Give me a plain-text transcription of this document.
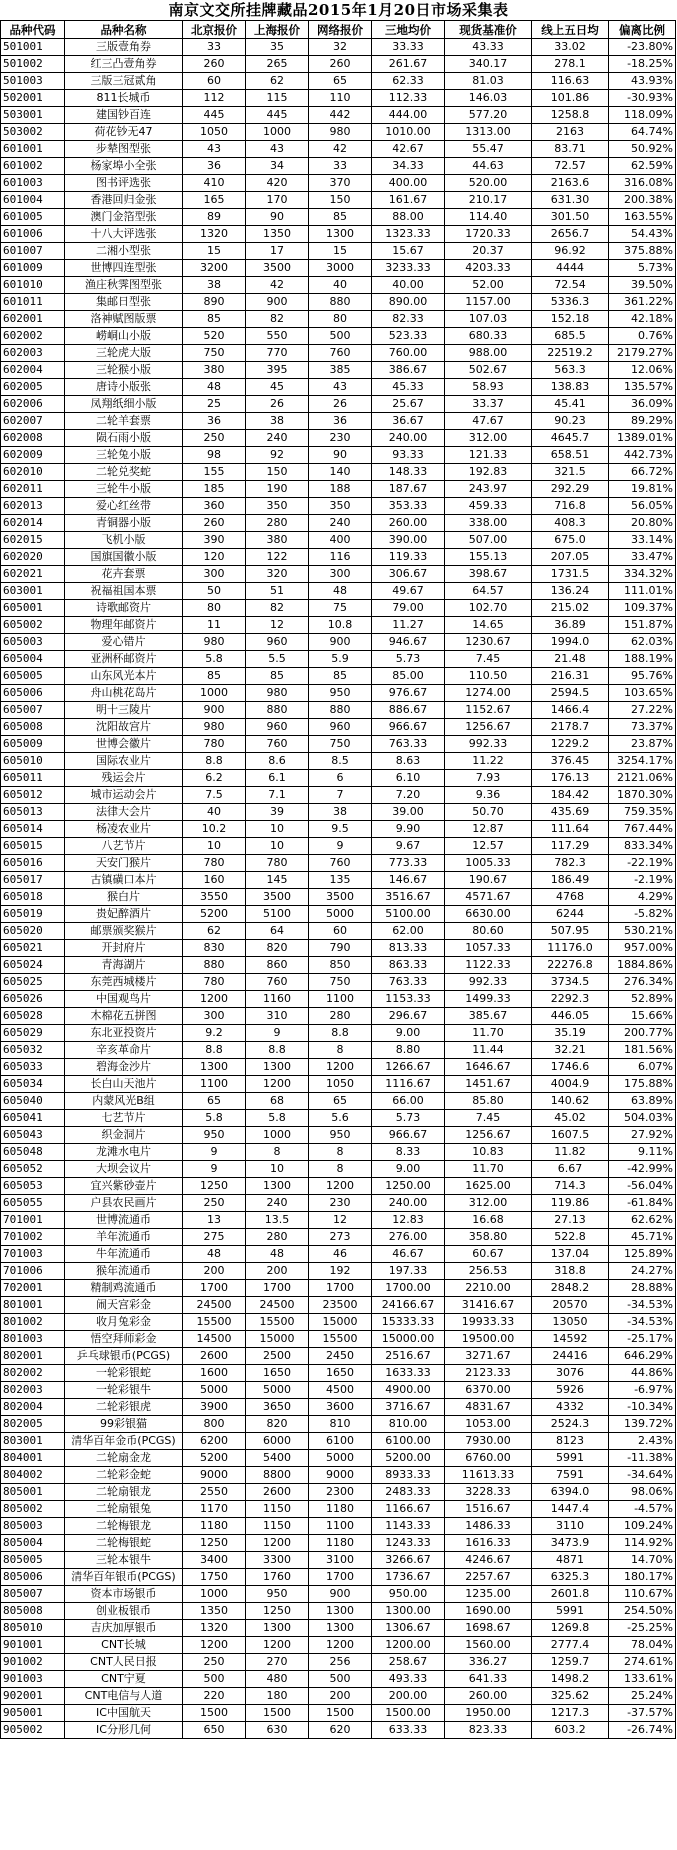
南京文交所挂牌藏品2015年1月20日市场采集表
品种代码	品种名称	北京报价	上海报价	网络报价	三地均价	现货基准价	线上五日均	偏离比例
501001	三版壹角券	33	35	32	33.33	43.33	33.02	-23.80%
501002	红三凸壹角券	260	265	260	261.67	340.17	278.1	-18.25%
501003	三版三冠贰角	60	62	65	62.33	81.03	116.63	43.93%
502001	811长城币	112	115	110	112.33	146.03	101.86	-30.93%
503001	建国钞百连	445	445	442	444.00	577.20	1258.8	118.09%
503002	荷花钞无47	1050	1000	980	1010.00	1313.00	2163	64.74%
601001	步辇图型张	43	43	42	42.67	55.47	83.71	50.92%
601002	杨家埠小全张	36	34	33	34.33	44.63	72.57	62.59%
601003	图书评选张	410	420	370	400.00	520.00	2163.6	316.08%
601004	香港回归金张	165	170	150	161.67	210.17	631.30	200.38%
601005	澳门金箔型张	89	90	85	88.00	114.40	301.50	163.55%
601006	十八大评选张	1320	1350	1300	1323.33	1720.33	2656.7	54.43%
601007	二湘小型张	15	17	15	15.67	20.37	96.92	375.88%
601009	世博四连型张	3200	3500	3000	3233.33	4203.33	4444	5.73%
601010	渔庄秋霁图型张	38	42	40	40.00	52.00	72.54	39.50%
601011	集邮日型张	890	900	880	890.00	1157.00	5336.3	361.22%
602001	洛神赋图版票	85	82	80	82.33	107.03	152.18	42.18%
602002	崂峒山小版	520	550	500	523.33	680.33	685.5	0.76%
602003	三轮虎大版	750	770	760	760.00	988.00	22519.2	2179.27%
602004	三轮猴小版	380	395	385	386.67	502.67	563.3	12.06%
602005	唐诗小版张	48	45	43	45.33	58.93	138.83	135.57%
602006	凤翔纸细小版	25	26	26	25.67	33.37	45.41	36.09%
602007	二轮羊套票	36	38	36	36.67	47.67	90.23	89.29%
602008	陨石雨小版	250	240	230	240.00	312.00	4645.7	1389.01%
602009	三轮兔小版	98	92	90	93.33	121.33	658.51	442.73%
602010	二轮兑奖蛇	155	150	140	148.33	192.83	321.5	66.72%
602011	三轮牛小版	185	190	188	187.67	243.97	292.29	19.81%
602013	爱心红丝带	360	350	350	353.33	459.33	716.8	56.05%
602014	青铜器小版	260	280	240	260.00	338.00	408.3	20.80%
602015	飞机小版	390	380	400	390.00	507.00	675.0	33.14%
602020	国旗国徽小版	120	122	116	119.33	155.13	207.05	33.47%
602021	花卉套票	300	320	300	306.67	398.67	1731.5	334.32%
603001	祝福祖国本票	50	51	48	49.67	64.57	136.24	111.01%
605001	诗歌邮资片	80	82	75	79.00	102.70	215.02	109.37%
605002	物理年邮资片	11	12	10.8	11.27	14.65	36.89	151.87%
605003	爱心错片	980	960	900	946.67	1230.67	1994.0	62.03%
605004	亚洲杯邮资片	5.8	5.5	5.9	5.73	7.45	21.48	188.19%
605005	山东风光本片	85	85	85	85.00	110.50	216.31	95.76%
605006	舟山桃花岛片	1000	980	950	976.67	1274.00	2594.5	103.65%
605007	明十三陵片	900	880	880	886.67	1152.67	1466.4	27.22%
605008	沈阳故宫片	980	960	960	966.67	1256.67	2178.7	73.37%
605009	世博会徽片	780	760	750	763.33	992.33	1229.2	23.87%
605010	国际农业片	8.8	8.6	8.5	8.63	11.22	376.45	3254.17%
605011	残运会片	6.2	6.1	6	6.10	7.93	176.13	2121.06%
605012	城市运动会片	7.5	7.1	7	7.20	9.36	184.42	1870.30%
605013	法律大会片	40	39	38	39.00	50.70	435.69	759.35%
605014	杨凌农业片	10.2	10	9.5	9.90	12.87	111.64	767.44%
605015	八艺节片	10	10	9	9.67	12.57	117.29	833.34%
605016	天安门猴片	780	780	760	773.33	1005.33	782.3	-22.19%
605017	古镇磺口本片	160	145	135	146.67	190.67	186.49	-2.19%
605018	猴白片	3550	3500	3500	3516.67	4571.67	4768	4.29%
605019	贵妃醉酒片	5200	5100	5000	5100.00	6630.00	6244	-5.82%
605020	邮票颁奖猴片	62	64	60	62.00	80.60	507.95	530.21%
605021	开封府片	830	820	790	813.33	1057.33	11176.0	957.00%
605024	青海湖片	880	860	850	863.33	1122.33	22276.8	1884.86%
605025	东莞西城楼片	780	760	750	763.33	992.33	3734.5	276.34%
605026	中国观鸟片	1200	1160	1100	1153.33	1499.33	2292.3	52.89%
605028	木棉花五拼图	300	310	280	296.67	385.67	446.05	15.66%
605029	东北亚投资片	9.2	9	8.8	9.00	11.70	35.19	200.77%
605032	辛亥革命片	8.8	8.8	8	8.80	11.44	32.21	181.56%
605033	碧海金沙片	1300	1300	1200	1266.67	1646.67	1746.6	6.07%
605034	长白山天池片	1100	1200	1050	1116.67	1451.67	4004.9	175.88%
605040	内蒙风光B组	65	68	65	66.00	85.80	140.62	63.89%
605041	七艺节片	5.8	5.8	5.6	5.73	7.45	45.02	504.03%
605043	织金洞片	950	1000	950	966.67	1256.67	1607.5	27.92%
605048	龙滩水电片	9	8	8	8.33	10.83	11.82	9.11%
605052	大坝会议片	9	10	8	9.00	11.70	6.67	-42.99%
605053	宜兴紫砂壶片	1250	1300	1200	1250.00	1625.00	714.3	-56.04%
605055	户县农民画片	250	240	230	240.00	312.00	119.86	-61.84%
701001	世博流通币	13	13.5	12	12.83	16.68	27.13	62.62%
701002	羊年流通币	275	280	273	276.00	358.80	522.8	45.71%
701003	牛年流通币	48	48	46	46.67	60.67	137.04	125.89%
701006	猴年流通币	200	200	192	197.33	256.53	318.8	24.27%
702001	精制鸡流通币	1700	1700	1700	1700.00	2210.00	2848.2	28.88%
801001	闹天宫彩金	24500	24500	23500	24166.67	31416.67	20570	-34.53%
801002	收月兔彩金	15500	15500	15000	15333.33	19933.33	13050	-34.53%
801003	悟空拜师彩金	14500	15000	15500	15000.00	19500.00	14592	-25.17%
802001	乒乓球银币(PCGS)	2600	2500	2450	2516.67	3271.67	24416	646.29%
802002	一轮彩银蛇	1600	1650	1650	1633.33	2123.33	3076	44.86%
802003	一轮彩银牛	5000	5000	4500	4900.00	6370.00	5926	-6.97%
802004	二轮彩银虎	3900	3650	3600	3716.67	4831.67	4332	-10.34%
802005	99彩银猫	800	820	810	810.00	1053.00	2524.3	139.72%
803001	清华百年金币(PCGS)	6200	6000	6100	6100.00	7930.00	8123	2.43%
804001	二轮扇金龙	5200	5400	5000	5200.00	6760.00	5991	-11.38%
804002	二轮彩金蛇	9000	8800	9000	8933.33	11613.33	7591	-34.64%
805001	二轮扇银龙	2550	2600	2300	2483.33	3228.33	6394.0	98.06%
805002	二轮扇银兔	1170	1150	1180	1166.67	1516.67	1447.4	-4.57%
805003	二轮梅银龙	1180	1150	1100	1143.33	1486.33	3110	109.24%
805004	二轮梅银蛇	1250	1200	1180	1243.33	1616.33	3473.9	114.92%
805005	三轮本银牛	3400	3300	3100	3266.67	4246.67	4871	14.70%
805006	清华百年银币(PCGS)	1750	1760	1700	1736.67	2257.67	6325.3	180.17%
805007	资本市场银币	1000	950	900	950.00	1235.00	2601.8	110.67%
805008	创业板银币	1350	1250	1300	1300.00	1690.00	5991	254.50%
805010	吉庆加厚银币	1320	1300	1300	1306.67	1698.67	1269.8	-25.25%
901001	CNT长城	1200	1200	1200	1200.00	1560.00	2777.4	78.04%
901002	CNT人民日报	250	270	256	258.67	336.27	1259.7	274.61%
901003	CNT宁夏	500	480	500	493.33	641.33	1498.2	133.61%
902001	CNT电信与人道	220	180	200	200.00	260.00	325.62	25.24%
905001	IC中国航天	1500	1500	1500	1500.00	1950.00	1217.3	-37.57%
905002	IC分形几何	650	630	620	633.33	823.33	603.2	-26.74%
